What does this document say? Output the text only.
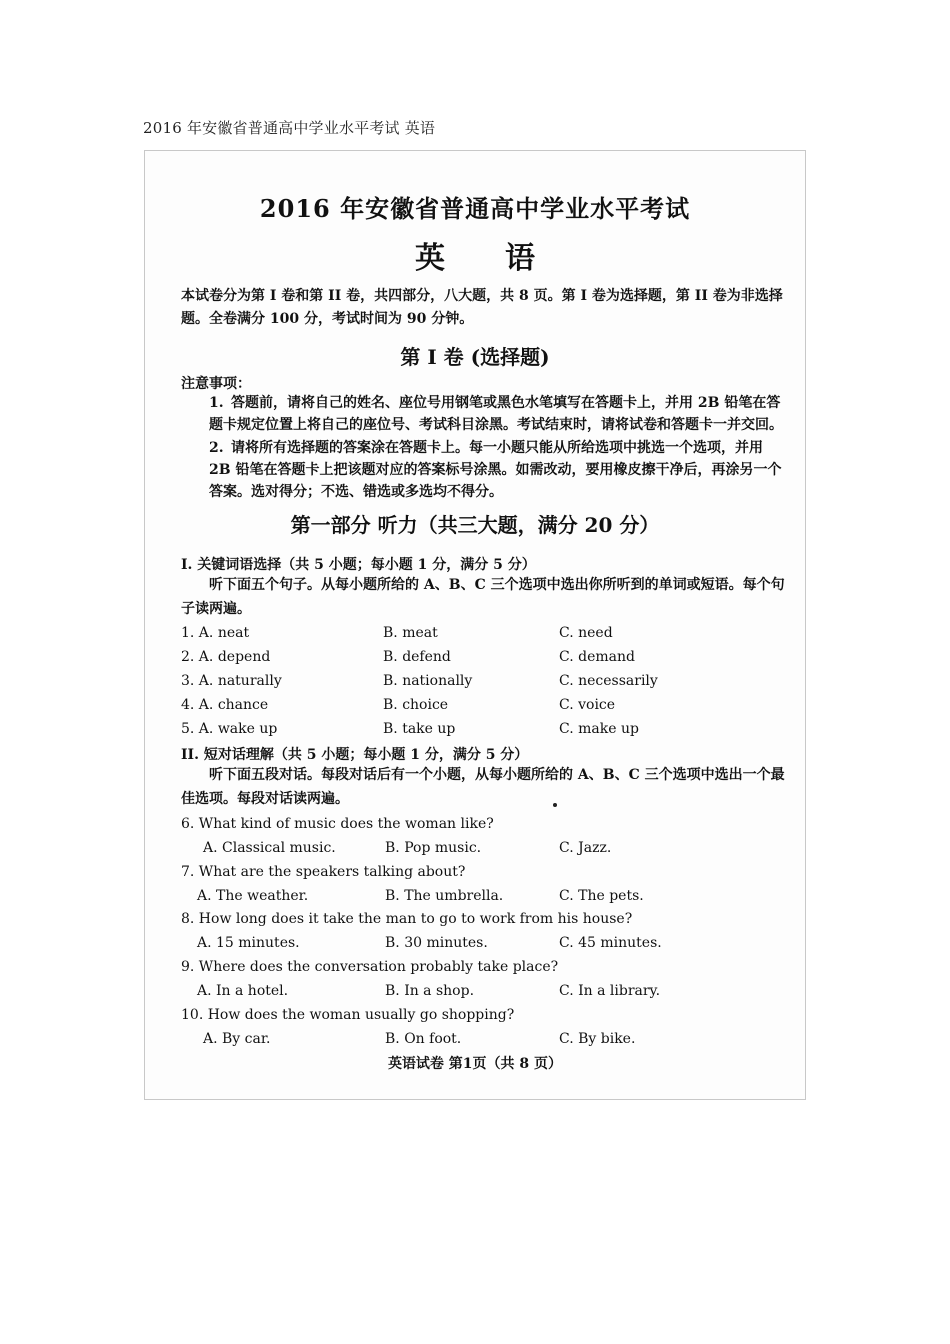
2016 年安徽省普通高中学业水平考试 英语
2016 年安徽省普通高中学业水平考试
英语
本试卷分为第 I 卷和第 II 卷，共四部分，八大题，共 8 页。第 I 卷为选择题，第 II 卷为非选择题。全卷满分 100 分，考试时间为 90 分钟。
第 I 卷 (选择题)
注意事项：
1. 答题前，请将自己的姓名、座位号用钢笔或黑色水笔填写在答题卡上，并用 2B 铅笔在答题卡规定位置上将自己的座位号、考试科目涂黑。考试结束时，请将试卷和答题卡一并交回。
2. 请将所有选择题的答案涂在答题卡上。每一小题只能从所给选项中挑选一个选项，并用 2B 铅笔在答题卡上把该题对应的答案标号涂黑。如需改动，要用橡皮擦干净后，再涂另一个答案。选对得分；不选、错选或多选均不得分。
第一部分 听力（共三大题，满分 20 分）
I. 关键词语选择（共 5 小题；每小题 1 分，满分 5 分）
听下面五个句子。从每小题所给的 A、B、C 三个选项中选出你所听到的单词或短语。每个句子读两遍。
1. A. neat	B. meat	C. need
2. A. depend	B. defend	C. demand
3. A. naturally	B. nationally	C. necessarily
4. A. chance	B. choice	C. voice
5. A. wake up	B. take up	C. make up
II. 短对话理解（共 5 小题；每小题 1 分，满分 5 分）
听下面五段对话。每段对话后有一个小题，从每小题所给的 A、B、C 三个选项中选出一个最佳选项。每段对话读两遍。
6. What kind of music does the woman like?
A. Classical music.	B. Pop music.	C. Jazz.
7. What are the speakers talking about?
A. The weather.	B. The umbrella.	C. The pets.
8. How long does it take the man to go to work from his house?
A. 15 minutes.	B. 30 minutes.	C. 45 minutes.
9. Where does the conversation probably take place?
A. In a hotel.	B. In a shop.	C. In a library.
10. How does the woman usually go shopping?
A. By car.	B. On foot.	C. By bike.
英语试卷 第1页（共 8 页）
